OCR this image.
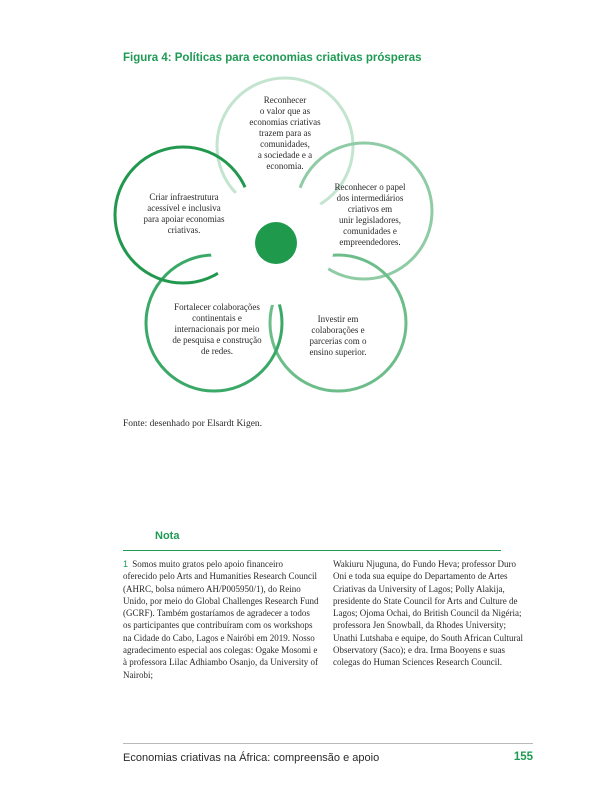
Figura 4: Políticas para economias criativas prósperas

Reconhecer
o valor que as
economias criativas
trazem para as
comunidades,
a sociedade e a
economia.

Reconhecer o papel
dos intermediários
criativos em
unir legisladores,
comunidades e
empreendedores.

Investir em
colaborações e
parcerias com o
ensino superior.

Fortalecer colaborações
continentais e
internacionais por meio
de pesquisa e construção
de redes.

Criar infraestrutura
acessível e inclusiva
para apoiar economias
criativas.

Fonte: desenhado por Elsardt Kigen.

Nota

1 Somos muito gratos pelo apoio financeiro oferecido pelo Arts and Humanities Research Council (AHRC, bolsa número AH/P005950/1), do Reino Unido, por meio do Global Challenges Research Fund (GCRF). Também gostaríamos de agradecer a todos os participantes que contribuíram com os workshops na Cidade do Cabo, Lagos e Nairóbi em 2019. Nosso agradecimento especial aos colegas: Ogake Mosomi e à professora Lilac Adhiambo Osanjo, da University of Nairobi;

Wakiuru Njuguna, do Fundo Heva; professor Duro Oni e toda sua equipe do Departamento de Artes Criativas da University of Lagos; Polly Alakija, presidente do State Council for Arts and Culture de Lagos; Ojoma Ochai, do British Council da Nigéria; professora Jen Snowball, da Rhodes University; Unathi Lutshaba e equipe, do South African Cultural Observatory (Saco); e dra. Irma Booyens e suas colegas do Human Sciences Research Council.

Economias criativas na África: compreensão e apoio	155
